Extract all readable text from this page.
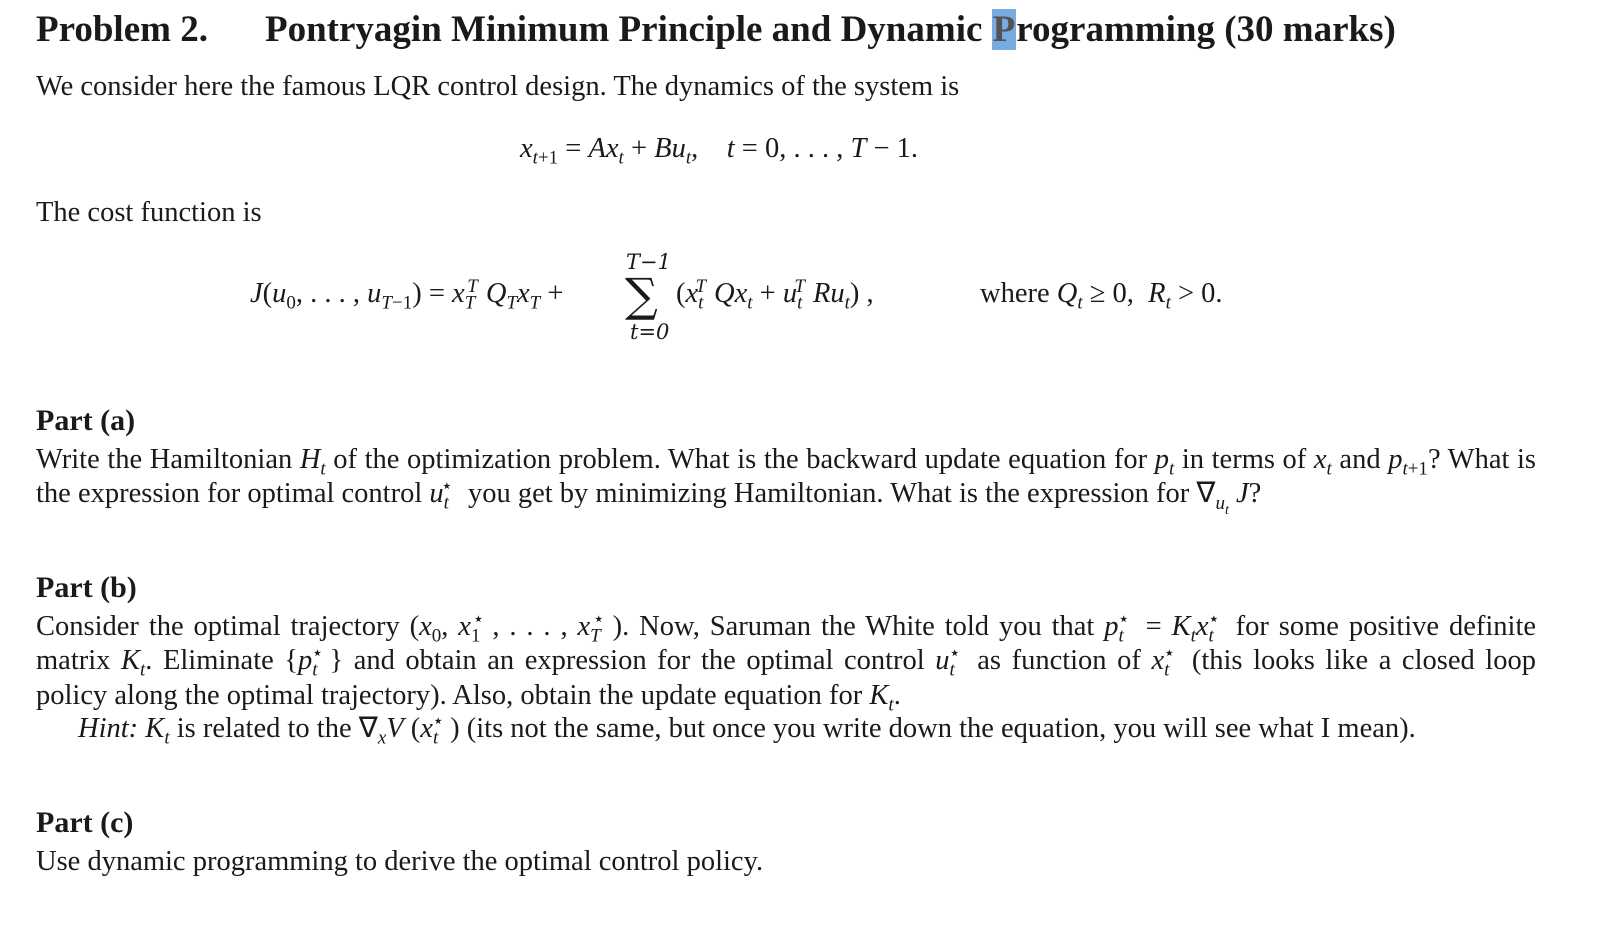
Problem 2. Pontryagin Minimum Principle and Dynamic Programming (30 marks)
We consider here the famous LQR control design. The dynamics of the system is
$x_{t+1} = Ax_t + Bu_t$,    t = 0, . . . , T − 1.
The cost function is
$J(u_0$, . . . , $u_{T-1}) = x_T^T$ $Q_Tx_T$ +
T−1
∑
t=0
($x_t^T$ $Qx_t + u_t^T$ $Ru_t$) ,	where $Q_t \ge 0$,  $R_t > 0$.
Part (a)
Write the Hamiltonian $H_t$ of the optimization problem. What is the backward update equation for $p_t$ in terms of $x_t$ and $p_{t+1}$? What is the expression for optimal control $u_t^⋆$ you get by minimizing Hamiltonian. What is the expression for $\nabla_{u_t}$ J?
Part (b)
Consider the optimal trajectory ($x_0$, $x_1^⋆$ , . . . , $x_T^⋆$ ). Now, Saruman the White told you that $p_t^⋆ = K_tx_t^⋆$ for some positive definite matrix $K_t$. Eliminate {$p_t^⋆$ } and obtain an expression for the optimal control $u_t^⋆$ as function of $x_t^⋆$ (this looks like a closed loop policy along the optimal trajectory). Also, obtain the update equation for $K_t$.
Hint: $K_t$ is related to the $\nabla_xV$ ($x_t^⋆$ ) (its not the same, but once you write down the equation, you will see what I mean).
Part (c)
Use dynamic programming to derive the optimal control policy.
